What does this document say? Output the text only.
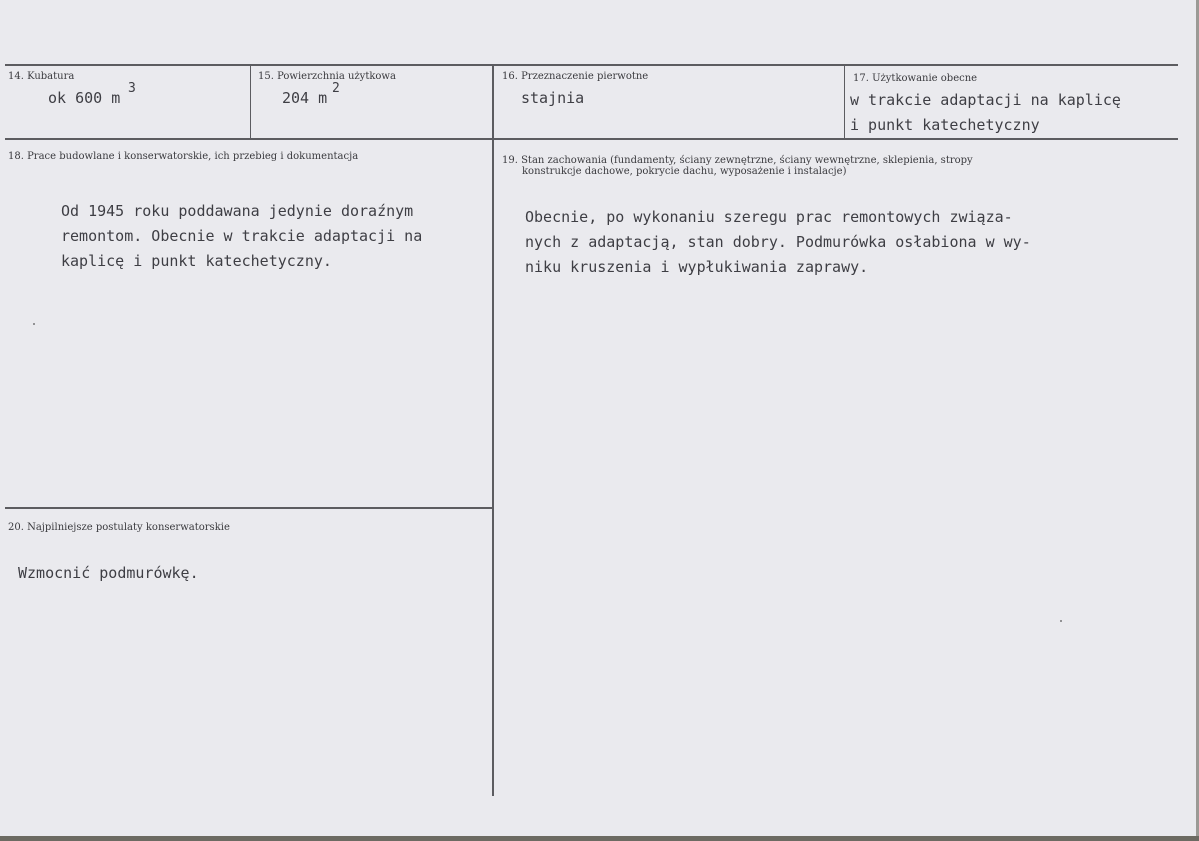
14. Kubatura
ok 600 m
3
15. Powierzchnia użytkowa
204 m
2
16. Przeznaczenie pierwotne
stajnia
17. Użytkowanie obecne
w trakcie adaptacji na kaplicę
i punkt katechetyczny
18. Prace budowlane i konserwatorskie, ich przebieg i dokumentacja
Od 1945 roku poddawana jedynie doraźnym
remontom. Obecnie w trakcie adaptacji na
kaplicę i punkt katechetyczny.
19. Stan zachowania (fundamenty, ściany zewnętrzne, ściany wewnętrzne, sklepienia, stropy
konstrukcje dachowe, pokrycie dachu, wyposażenie i instalacje)
Obecnie, po wykonaniu szeregu prac remontowych związa-
nych z adaptacją, stan dobry. Podmurówka osłabiona w wy-
niku kruszenia i wypłukiwania zaprawy.
20. Najpilniejsze postulaty konserwatorskie
Wzmocnić podmurówkę.
